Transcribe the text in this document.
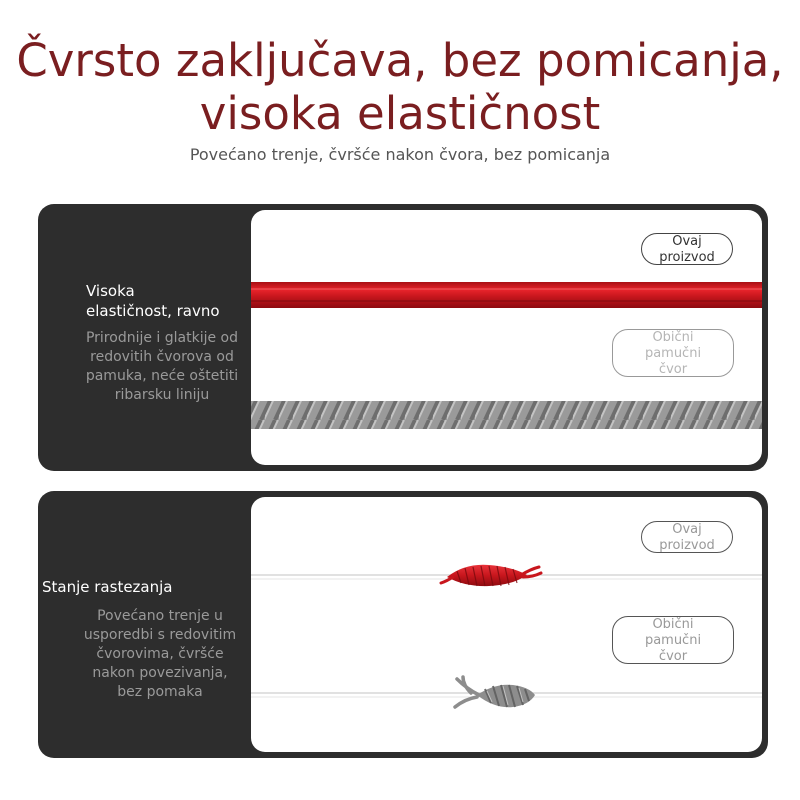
Čvrsto zaključava, bez pomicanja,
visoka elastičnost
Povećano trenje, čvršće nakon čvora, bez pomicanja
Visoka
elastičnost, ravno
Prirodnije i glatkije od
redovitih čvorova od
pamuka, neće oštetiti
ribarsku liniju
Ovaj
proizvod
Obični
pamučni
čvor
Stanje rastezanja
Povećano trenje u
usporedbi s redovitim
čvorovima, čvršće
nakon povezivanja,
bez pomaka
Ovaj
proizvod
Obični
pamučni
čvor
